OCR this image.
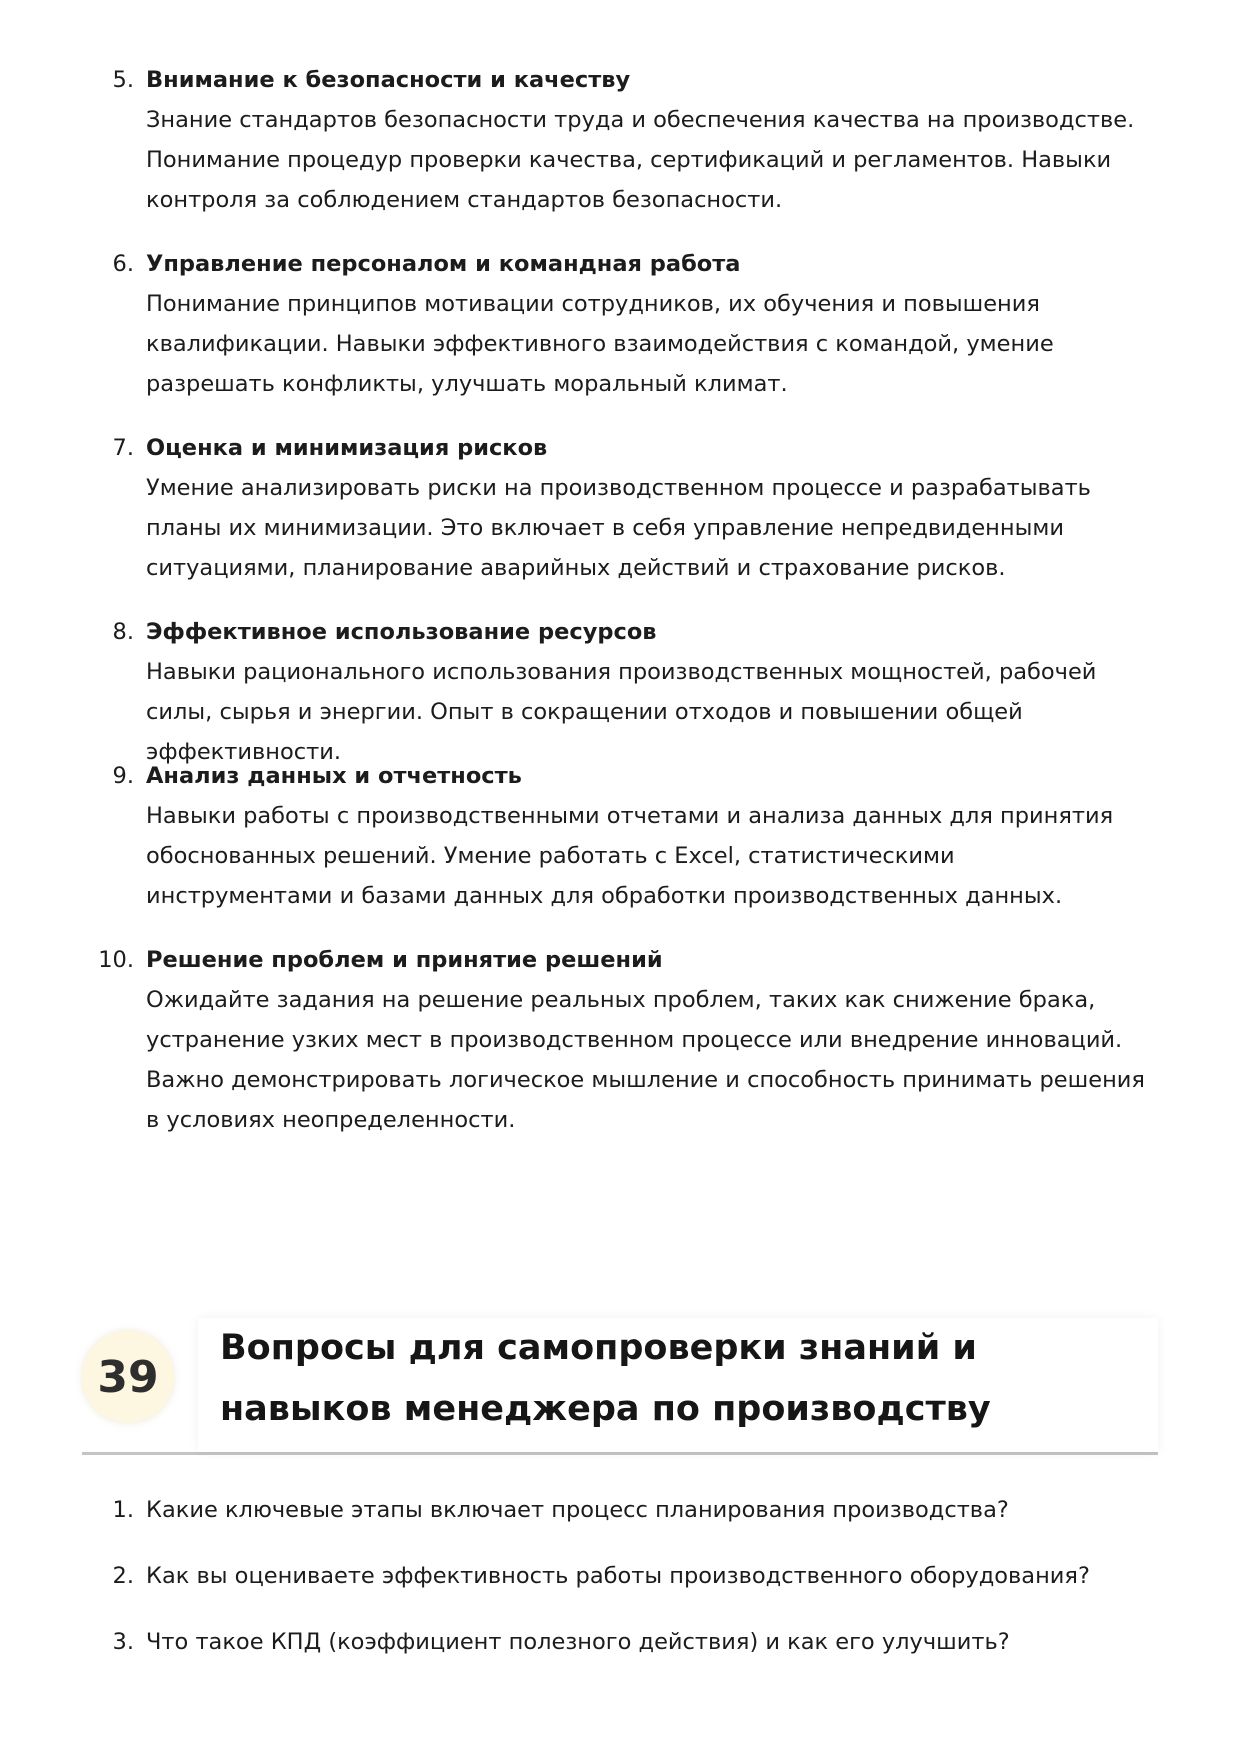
5. Внимание к безопасности и качеству
Знание стандартов безопасности труда и обеспечения качества на производстве. Понимание процедур проверки качества, сертификаций и регламентов. Навыки контроля за соблюдением стандартов безопасности.
6. Управление персоналом и командная работа
Понимание принципов мотивации сотрудников, их обучения и повышения квалификации. Навыки эффективного взаимодействия с командой, умение разрешать конфликты, улучшать моральный климат.
7. Оценка и минимизация рисков
Умение анализировать риски на производственном процессе и разрабатывать планы их минимизации. Это включает в себя управление непредвиденными ситуациями, планирование аварийных действий и страхование рисков.
8. Эффективное использование ресурсов
Навыки рационального использования производственных мощностей, рабочей силы, сырья и энергии. Опыт в сокращении отходов и повышении общей эффективности.
9. Анализ данных и отчетность
Навыки работы с производственными отчетами и анализа данных для принятия обоснованных решений. Умение работать с Excel, статистическими инструментами и базами данных для обработки производственных данных.
10. Решение проблем и принятие решений
Ожидайте задания на решение реальных проблем, таких как снижение брака, устранение узких мест в производственном процессе или внедрение инноваций. Важно демонстрировать логическое мышление и способность принимать решения в условиях неопределенности.
39
Вопросы для самопроверки знаний и навыков менеджера по производству
1. Какие ключевые этапы включает процесс планирования производства?
2. Как вы оцениваете эффективность работы производственного оборудования?
3. Что такое КПД (коэффициент полезного действия) и как его улучшить?
